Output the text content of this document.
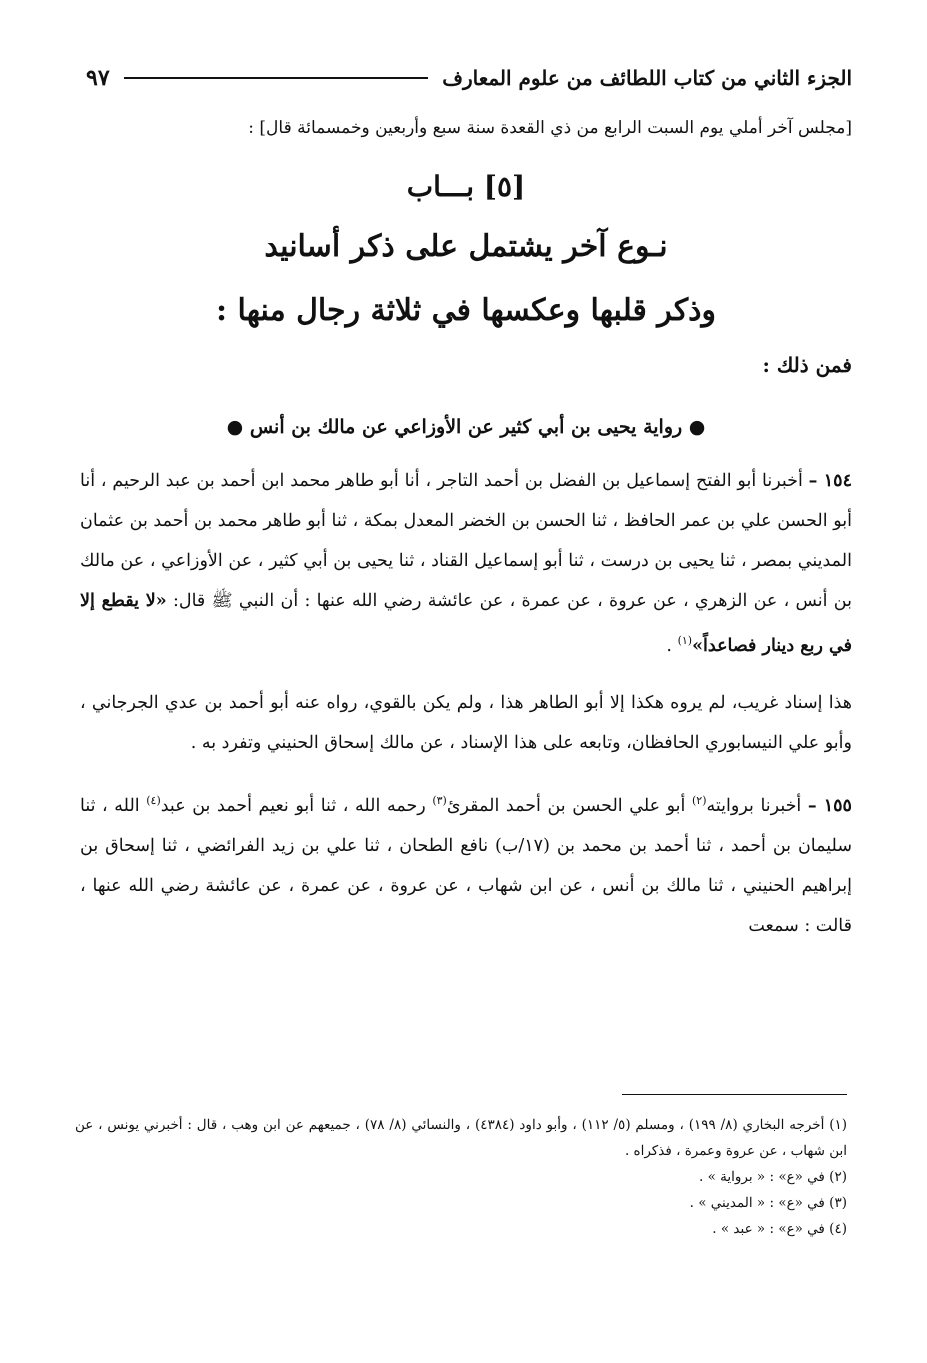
الجزء الثاني من كتاب اللطائف من علوم المعارف
٩٧
[مجلس آخر أملي يوم السبت الرابع من ذي القعدة سنة سبع وأربعين وخمسمائة قال] :
[٥] بـــاب
نـوع آخر يشتمل على ذكر أسانيد
وذكر قلبها وعكسها في ثلاثة رجال منها :
فمن ذلك :
● رواية يحيى بن أبي كثير عن الأوزاعي عن مالك بن أنس ●

١٥٤ – أخبرنا أبو الفتح إسماعيل بن الفضل بن أحمد التاجر ، أنا أبو طاهر محمد ابن أحمد بن عبد الرحيم ، أنا أبو الحسن علي بن عمر الحافظ ، ثنا الحسن بن الخضر المعدل بمكة ، ثنا أبو طاهر محمد بن أحمد بن عثمان المديني بمصر ، ثنا يحيى بن درست ، ثنا أبو إسماعيل القناد ، ثنا يحيى بن أبي كثير ، عن الأوزاعي ، عن مالك بن أنس ، عن الزهري ، عن عروة ، عن عمرة ، عن عائشة رضي الله عنها : أن النبي ﷺ قال: «لا يقطع إلا في ربع دينار فصاعداً»$^{(١)}$ .

هذا إسناد غريب، لم يروه هكذا إلا أبو الطاهر هذا ، ولم يكن بالقوي، رواه عنه أبو أحمد بن عدي الجرجاني ، وأبو علي النيسابوري الحافظان، وتابعه على هذا الإسناد ، عن مالك إسحاق الحنيني وتفرد به .

١٥٥ – أخبرنا بروايته$^{(٢)}$ أبو علي الحسن بن أحمد المقرئ$^{(٣)}$ رحمه الله ، ثنا أبو نعيم أحمد بن عبد$^{(٤)}$ الله ، ثنا سليمان بن أحمد ، ثنا أحمد بن محمد بن (١٧/ب) نافع الطحان ، ثنا علي بن زيد الفرائضي ، ثنا إسحاق بن إبراهيم الحنيني ، ثنا مالك بن أنس ، عن ابن شهاب ، عن عروة ، عن عمرة ، عن عائشة رضي الله عنها ، قالت : سمعت

(١) أخرجه البخاري (٨/ ١٩٩) ، ومسلم (٥/ ١١٢) ، وأبو داود (٤٣٨٤) ، والنسائي (٨/ ٧٨) ، جميعهم عن ابن وهب ، قال : أخبرني يونس ، عن ابن شهاب ، عن عروة وعمرة ، فذكراه .
(٢) في «ع» : « برواية » .
(٣) في «ع» : « المديني » .
(٤) في «ع» : « عبد » .
